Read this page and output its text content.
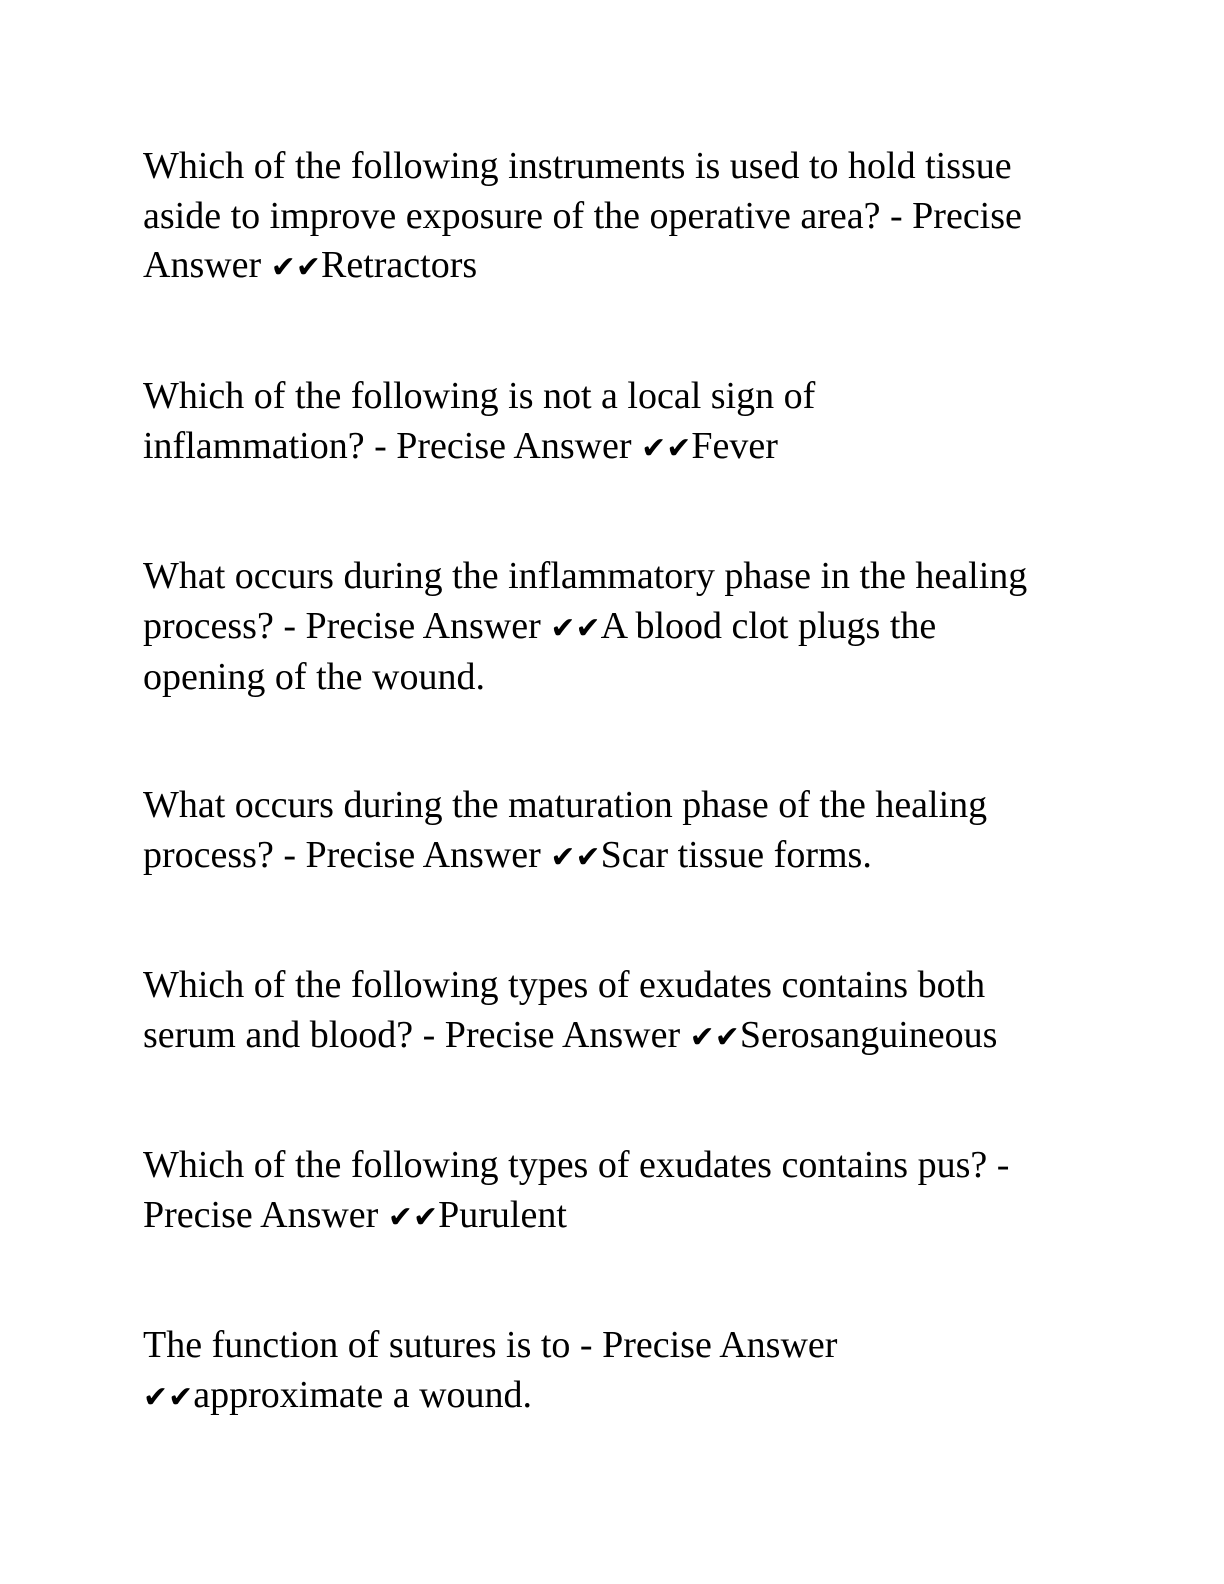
Which of the following instruments is used to hold tissue
aside to improve exposure of the operative area? - Precise
Answer ✔✔Retractors

Which of the following is not a local sign of
inflammation? - Precise Answer ✔✔Fever

What occurs during the inflammatory phase in the healing
process? - Precise Answer ✔✔A blood clot plugs the
opening of the wound.

What occurs during the maturation phase of the healing
process? - Precise Answer ✔✔Scar tissue forms.

Which of the following types of exudates contains both
serum and blood? - Precise Answer ✔✔Serosanguineous

Which of the following types of exudates contains pus? -
Precise Answer ✔✔Purulent

The function of sutures is to - Precise Answer
✔✔approximate a wound.
